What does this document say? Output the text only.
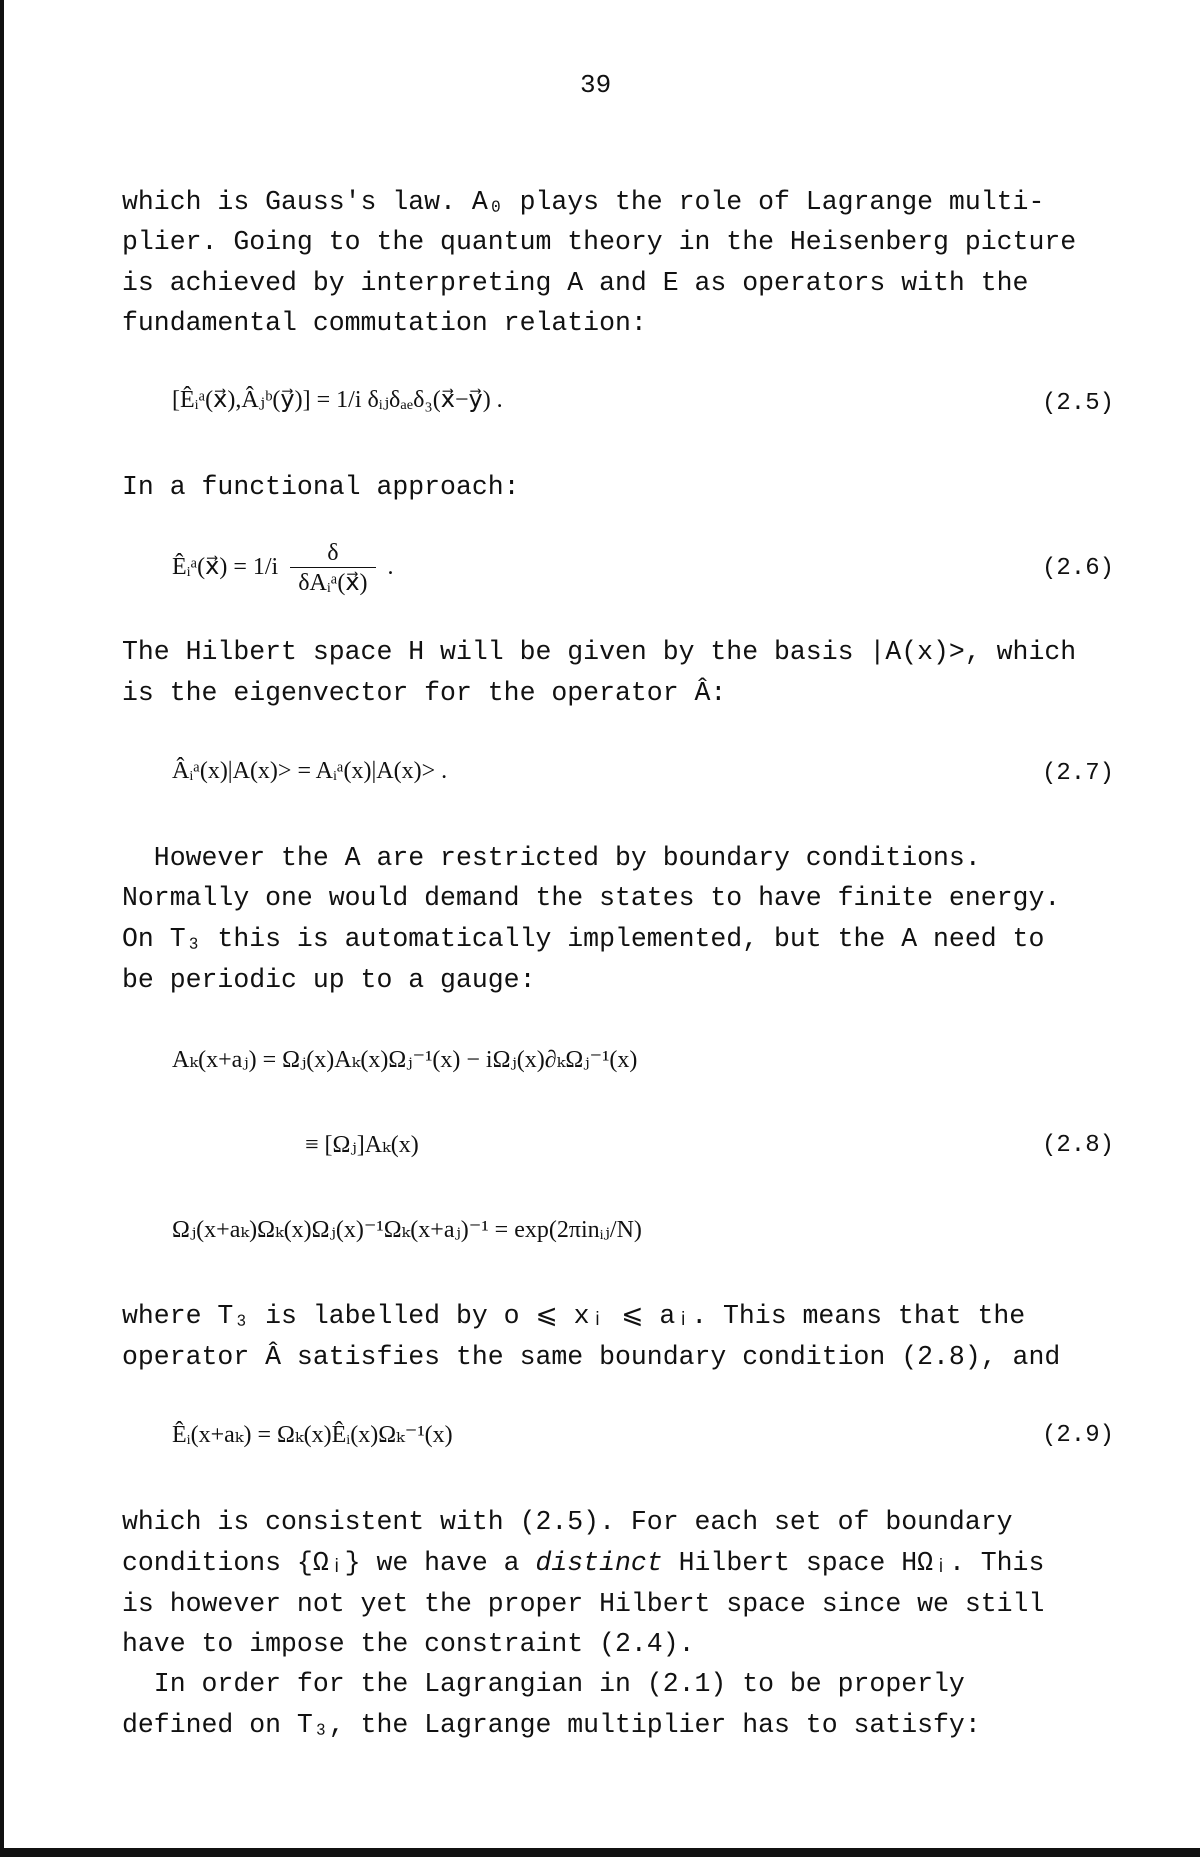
39
which is Gauss's law. A₀ plays the role of Lagrange multi-
plier. Going to the quantum theory in the Heisenberg picture
is achieved by interpreting A and E as operators with the
fundamental commutation relation:
[Êᵢᵃ(x⃗),Âⱼᵇ(y⃗)] = 1/i δᵢⱼδₐₑδ₃(x⃗−y⃗) .	(2.5)
In a functional approach:
Êᵢᵃ(x⃗) = $1/i \frac{\delta}{\text{δAᵢᵃ(x⃗)}}$ .	(2.6)
The Hilbert space H will be given by the basis |A(x)>, which
is the eigenvector for the operator Â:
Âᵢᵃ(x)|A(x)> = Aᵢᵃ(x)|A(x)> .	(2.7)
However the A are restricted by boundary conditions.
Normally one would demand the states to have finite energy.
On T₃ this is automatically implemented, but the A need to
be periodic up to a gauge:
Aₖ(x+aⱼ) = Ωⱼ(x)Aₖ(x)Ωⱼ⁻¹(x) − iΩⱼ(x)∂ₖΩⱼ⁻¹(x)
≡ [Ωⱼ]Aₖ(x)	(2.8)
Ωⱼ(x+aₖ)Ωₖ(x)Ωⱼ(x)⁻¹Ωₖ(x+aⱼ)⁻¹ = exp(2πinᵢⱼ/N)
where T₃ is labelled by o ⩽ xᵢ ⩽ aᵢ. This means that the
operator Â satisfies the same boundary condition (2.8), and
Êᵢ(x+aₖ) = Ωₖ(x)Êᵢ(x)Ωₖ⁻¹(x)	(2.9)
which is consistent with (2.5). For each set of boundary
conditions {Ωᵢ} we have a distinct Hilbert space HΩᵢ. This
is however not yet the proper Hilbert space since we still
have to impose the constraint (2.4).
In order for the Lagrangian in (2.1) to be properly
defined on T₃, the Lagrange multiplier has to satisfy:
